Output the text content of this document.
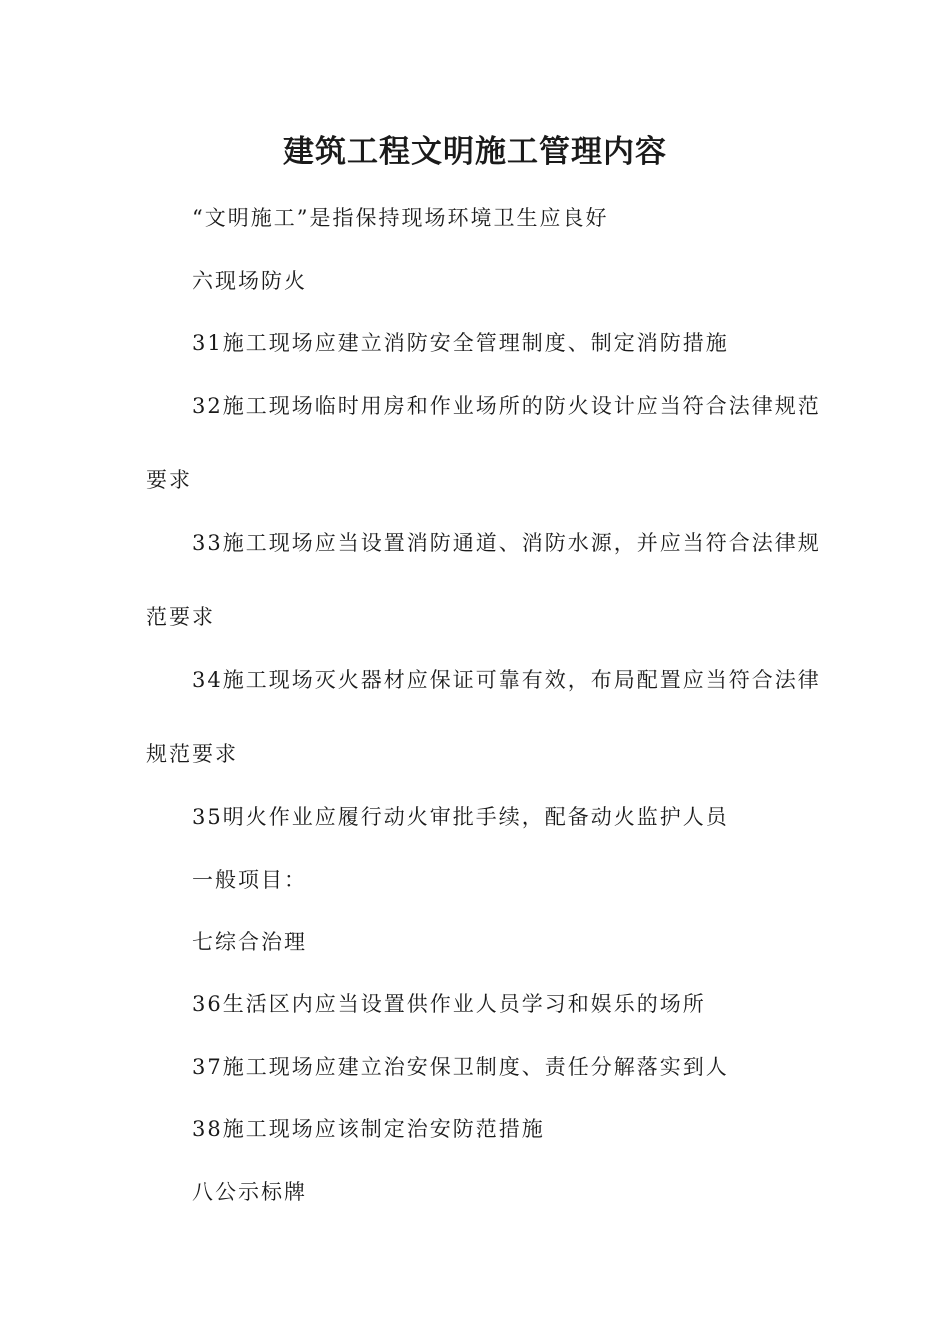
建筑工程文明施工管理内容

“文明施工”是指保持现场环境卫生应良好

六现场防火

31施工现场应建立消防安全管理制度、制定消防措施

32施工现场临时用房和作业场所的防火设计应当符合法律规范

要求

33施工现场应当设置消防通道、消防水源，并应当符合法律规

范要求

34施工现场灭火器材应保证可靠有效，布局配置应当符合法律

规范要求

35明火作业应履行动火审批手续，配备动火监护人员

一般项目：

七综合治理

36生活区内应当设置供作业人员学习和娱乐的场所

37施工现场应建立治安保卫制度、责任分解落实到人

38施工现场应该制定治安防范措施

八公示标牌
